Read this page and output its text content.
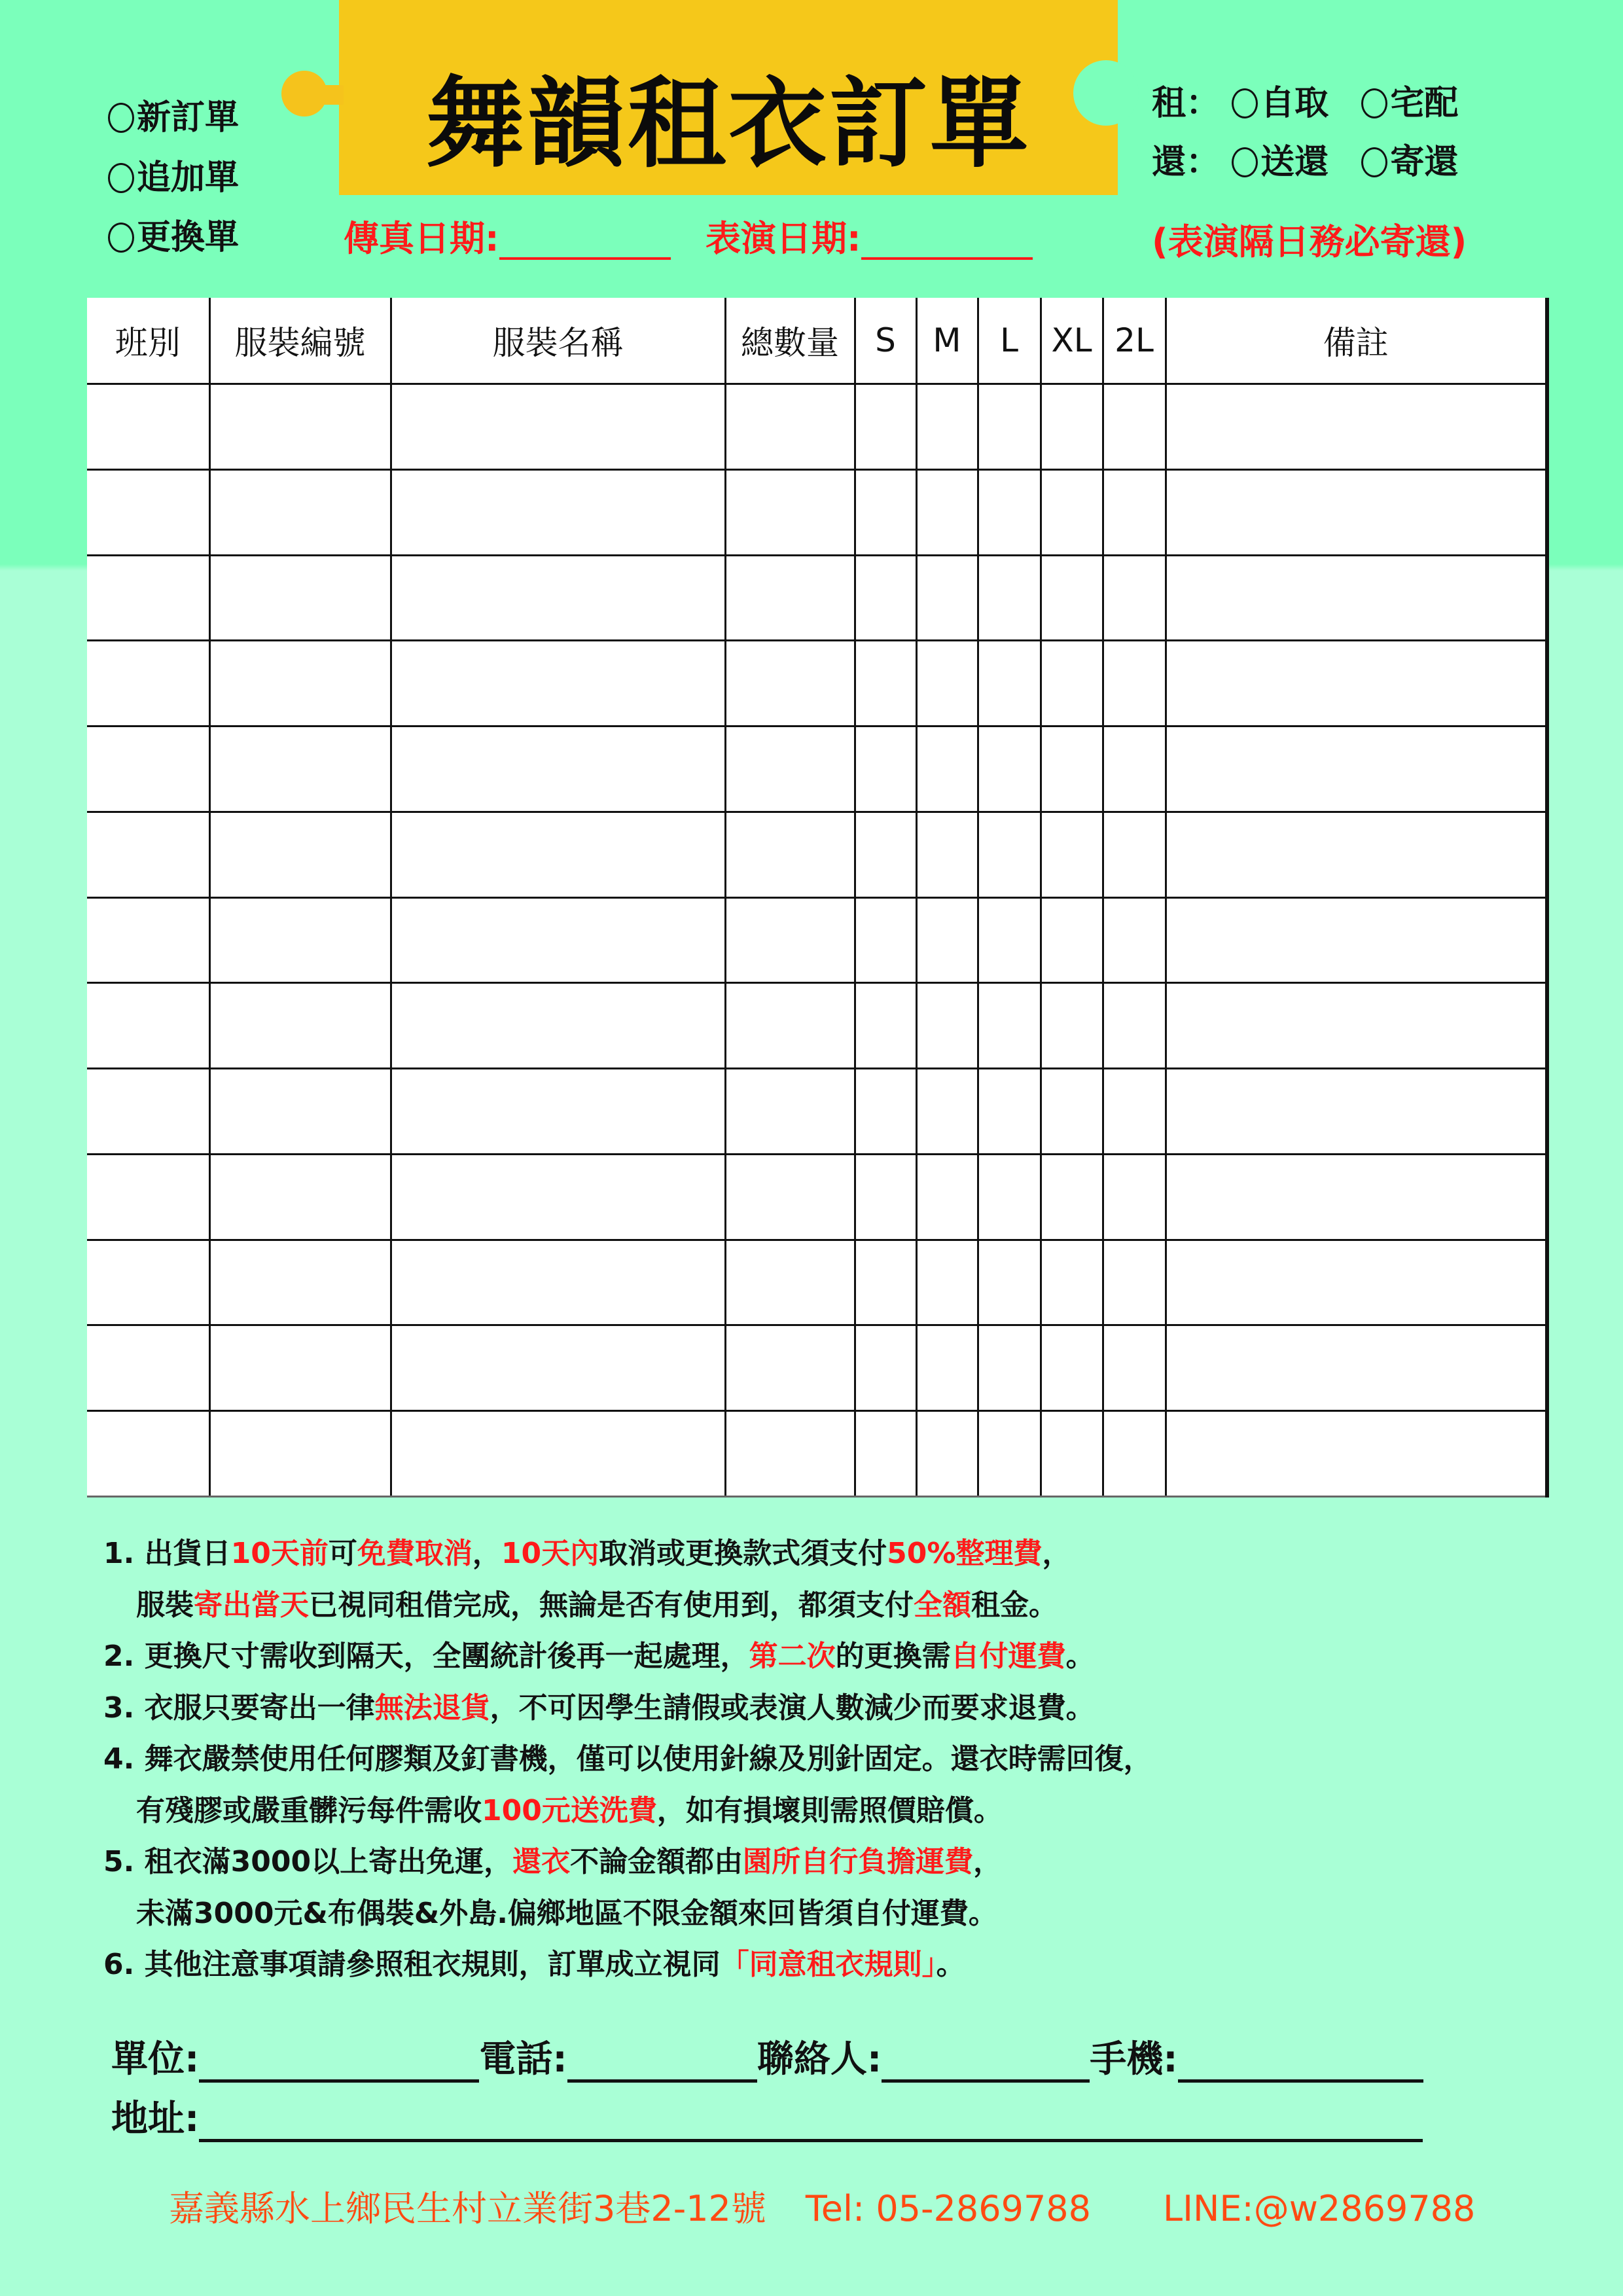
舞韻租衣訂單
新訂單
追加單
更換單
租： 自取 宅配
還： 送還 寄還
傳真日期:	表演日期:	(表演隔日務必寄還)
班別	服裝編號	服裝名稱	總數量	S	M	L	XL	2L	備註

1. 出貨日10天前可免費取消，10天內取消或更換款式須支付50%整理費，
服裝寄出當天已視同租借完成，無論是否有使用到，都須支付全額租金。
2. 更換尺寸需收到隔天，全團統計後再一起處理，第二次的更換需自付運費。
3. 衣服只要寄出一律無法退貨，不可因學生請假或表演人數減少而要求退費。
4. 舞衣嚴禁使用任何膠類及釘書機，僅可以使用針線及別針固定。還衣時需回復，
有殘膠或嚴重髒污每件需收100元送洗費，如有損壞則需照價賠償。
5. 租衣滿3000以上寄出免運，還衣不論金額都由園所自行負擔運費，
未滿3000元&布偶裝&外島.偏鄉地區不限金額來回皆須自付運費。
6. 其他注意事項請參照租衣規則，訂單成立視同「同意租衣規則」。
單位:	電話:	聯絡人:	手機:
地址:
嘉義縣水上鄉民生村立業街3巷2-12號 Tel: 05-2869788 LINE:@w2869788
